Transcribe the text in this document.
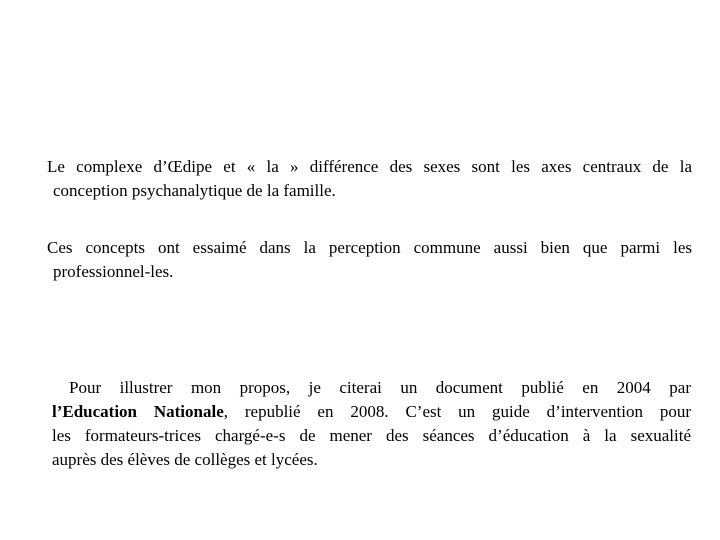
Le complexe d’Œdipe et « la » différence des sexes sont les axes centraux de la
conception psychanalytique de la famille.
Ces concepts ont essaimé dans la perception commune aussi bien que parmi les
professionnel-les.
Pour illustrer mon propos, je citerai un document publié en 2004 par
l’Education Nationale, republié en 2008. C’est un guide d’intervention pour
les formateurs-trices chargé-e-s de mener des séances d’éducation à la sexualité
auprès des élèves de collèges et lycées.
